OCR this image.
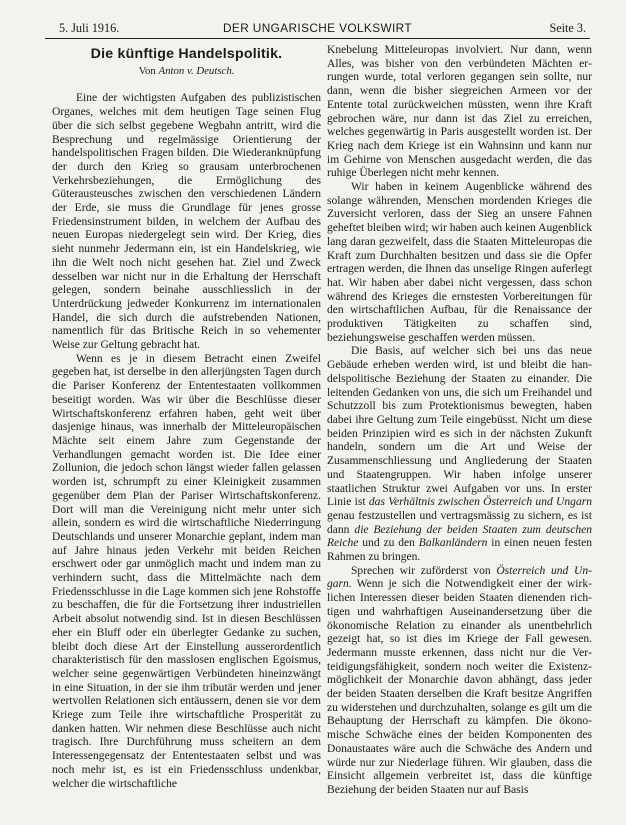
5. Juli 1916.	DER UNGARISCHE VOLKSWIRT	Seite 3.
Die künftige Handelspolitik.
Von Anton v. Deutsch.

Eine der wichtigsten Aufgaben des publizistischen Organes, welches mit dem heutigen Tage seinen Flug über die sich selbst gegebene Wegbahn antritt, wird die Besprechung und regelmässige Orientierung der handelspolitischen Fragen bilden. Die Wiederanknüpfung der durch den Krieg so grausam unterbrochenen Verkehrsbeziehungen, die Ermöglichung des Güterausteusches zwischen den verschiedenen Ländern der Erde, sie muss die Grundlage für jenes grosse Friedensinstrument bilden, in welchem der Aufbau des neuen Europas niedergelegt sein wird. Der Krieg, dies sieht nunmehr Jedermann ein, ist ein Handelskrieg, wie ihn die Welt noch nicht gesehen hat. Ziel und Zweck desselben war nicht nur in die Erhaltung der Herrschaft gelegen, sondern beinahe ausschliesslich in der Unterdrückung jedweder Konkurrenz im internationalen Handel, die sich durch die aufstrebenden Nationen, namentlich für das Britische Reich in so vehementer Weise zur Geltung gebracht hat.

Wenn es je in diesem Betracht einen Zweifel gegeben hat, ist derselbe in den allerjüngsten Tagen durch die Pariser Konferenz der Ententestaaten vollkommen beseitigt worden. Was wir über die Beschlüsse dieser Wirtschaftskonferenz erfahren haben, geht weit über dasjenige hinaus, was innerhalb der Mitteleuropäischen Mächte seit einem Jahre zum Gegenstande der Verhandlungen gemacht worden ist. Die Idee einer Zollunion, die jedoch schon längst wieder fallen gelassen worden ist, schrumpft zu einer Kleinigkeit zusammen gegenüber dem Plan der Pariser Wirtschaftskonferenz. Dort will man die Vereinigung nicht mehr unter sich allein, sondern es wird die wirtschaftliche Niederringung Deutschlands und unserer Monarchie geplant, indem man auf Jahre hinaus jeden Verkehr mit beiden Reichen erschwert oder gar unmöglich macht und indem man zu verhindern sucht, dass die Mittelmächte nach dem Friedensschlusse in die Lage kommen sich jene Rohstoffe zu beschaffen, die für die Fortsetzung ihrer industriellen Arbeit absolut notwendig sind. Ist in diesen Beschlüssen eher ein Bluff oder ein überlegter Gedanke zu suchen, bleibt doch diese Art der Einstellung ausserordentlich charakteristisch für den masslosen englischen Egoismus, welcher seine gegenwärtigen Verbündeten hineinzwängt in eine Situation, in der sie ihm tributär werden und jener wertvollen Relationen sich entäussern, denen sie vor dem Kriege zum Teile ihre wirtschaftliche Prosperität zu danken hatten. Wir nehmen diese Beschlüsse auch nicht tragisch. Ihre Durchführung muss scheitern an dem Interessengegensatz der Ententestaaten selbst und was noch mehr ist, es ist ein Friedensschluss undenkbar, welcher die wirtschaftliche

Knebelung Mitteleuropas involviert. Nur dann, wenn Alles, was bisher von den verbündeten Mächten errungen wurde, total verloren gegangen sein sollte, nur dann, wenn die bisher siegreichen Armeen vor der Entente total zurückweichen müssten, wenn ihre Kraft gebrochen wäre, nur dann ist das Ziel zu erreichen, welches gegenwärtig in Paris ausgestellt worden ist. Der Krieg nach dem Kriege ist ein Wahnsinn und kann nur im Gehirne von Menschen ausgedacht werden, die das ruhige Überlegen nicht mehr kennen.

Wir haben in keinem Augenblicke während des solange währenden, Menschen mordenden Krieges die Zuversicht verloren, dass der Sieg an unsere Fahnen geheftet bleiben wird; wir haben auch keinen Augenblick lang daran gezweifelt, dass die Staaten Mitteleuropas die Kraft zum Durchhalten besitzen und dass sie die Opfer ertragen werden, die Ihnen das unselige Ringen auferlegt hat. Wir haben aber dabei nicht vergessen, dass schon während des Krieges die ernstesten Vorbereitungen für den wirtschaftlichen Aufbau, für die Renaissance der produktiven Tätigkeiten zu schaffen sind, beziehungsweise geschaffen werden müssen.

Die Basis, auf welcher sich bei uns das neue Gebäude erheben werden wird, ist und bleibt die handelspolitische Beziehung der Staaten zu einander. Die leitenden Gedanken von uns, die sich um Freihandel und Schutzzoll bis zum Protektionismus bewegten, haben dabei ihre Geltung zum Teile eingebüsst. Nicht um diese beiden Prinzipien wird es sich in der nächsten Zukunft handeln, sondern um die Art und Weise der Zusammenschliessung und Angliederung der Staaten und Staatengruppen. Wir haben infolge unserer staatlichen Struktur zwei Aufgaben vor uns. In erster Linie ist das Verhältnis zwischen Österreich und Ungarn genau festzustellen und vertragsmässig zu sichern, es ist dann die Beziehung der beiden Staaten zum deutschen Reiche und zu den Balkanländern in einen neuen festen Rahmen zu bringen.

Sprechen wir zuförderst von Österreich und Ungarn. Wenn je sich die Notwendigkeit einer der wirklichen Interessen dieser beiden Staaten dienenden richtigen und wahrhaftigen Auseinandersetzung über die ökonomische Relation zu einander als unentbehrlich gezeigt hat, so ist dies im Kriege der Fall gewesen. Jedermann musste erkennen, dass nicht nur die Verteidigungsfähigkeit, sondern noch weiter die Existenzmöglichkeit der Monarchie davon abhängt, dass jeder der beiden Staaten derselben die Kraft besitze Angriffen zu widerstehen und durchzuhalten, solange es gilt um die Behauptung der Herrschaft zu kämpfen. Die ökonomische Schwäche eines der beiden Komponenten des Donaustaates wäre auch die Schwäche des Andern und würde nur zur Niederlage führen. Wir glauben, dass die Einsicht allgemein verbreitet ist, dass die künftige Beziehung der beiden Staaten nur auf Basis
